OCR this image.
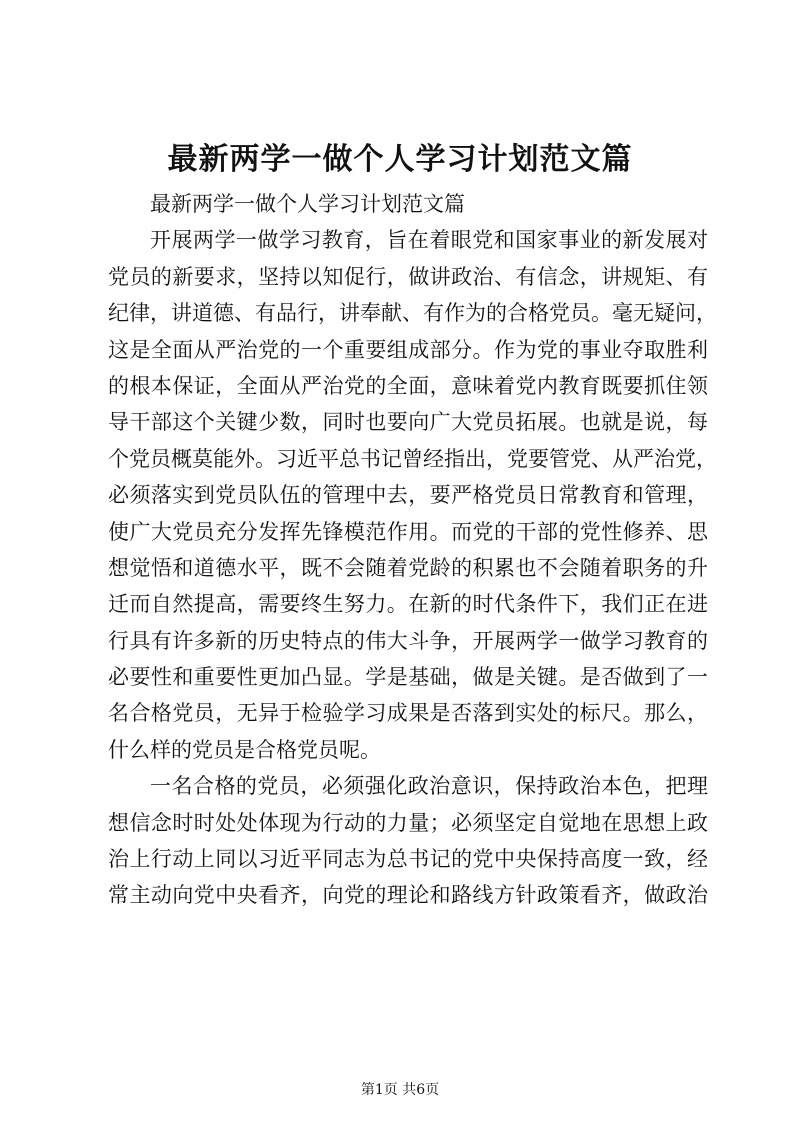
最新两学一做个人学习计划范文篇
最新两学一做个人学习计划范文篇
开展两学一做学习教育，旨在着眼党和国家事业的新发展对
党员的新要求，坚持以知促行，做讲政治、有信念，讲规矩、有
纪律，讲道德、有品行，讲奉献、有作为的合格党员。毫无疑问，
这是全面从严治党的一个重要组成部分。作为党的事业夺取胜利
的根本保证，全面从严治党的全面，意味着党内教育既要抓住领
导干部这个关键少数，同时也要向广大党员拓展。也就是说，每
个党员概莫能外。习近平总书记曾经指出，党要管党、从严治党，
必须落实到党员队伍的管理中去，要严格党员日常教育和管理，
使广大党员充分发挥先锋模范作用。而党的干部的党性修养、思
想觉悟和道德水平，既不会随着党龄的积累也不会随着职务的升
迁而自然提高，需要终生努力。在新的时代条件下，我们正在进
行具有许多新的历史特点的伟大斗争，开展两学一做学习教育的
必要性和重要性更加凸显。学是基础，做是关键。是否做到了一
名合格党员，无异于检验学习成果是否落到实处的标尺。那么，
什么样的党员是合格党员呢。
一名合格的党员，必须强化政治意识，保持政治本色，把理
想信念时时处处体现为行动的力量；必须坚定自觉地在思想上政
治上行动上同以习近平同志为总书记的党中央保持高度一致，经
常主动向党中央看齐，向党的理论和路线方针政策看齐，做政治
第1页 共6页
